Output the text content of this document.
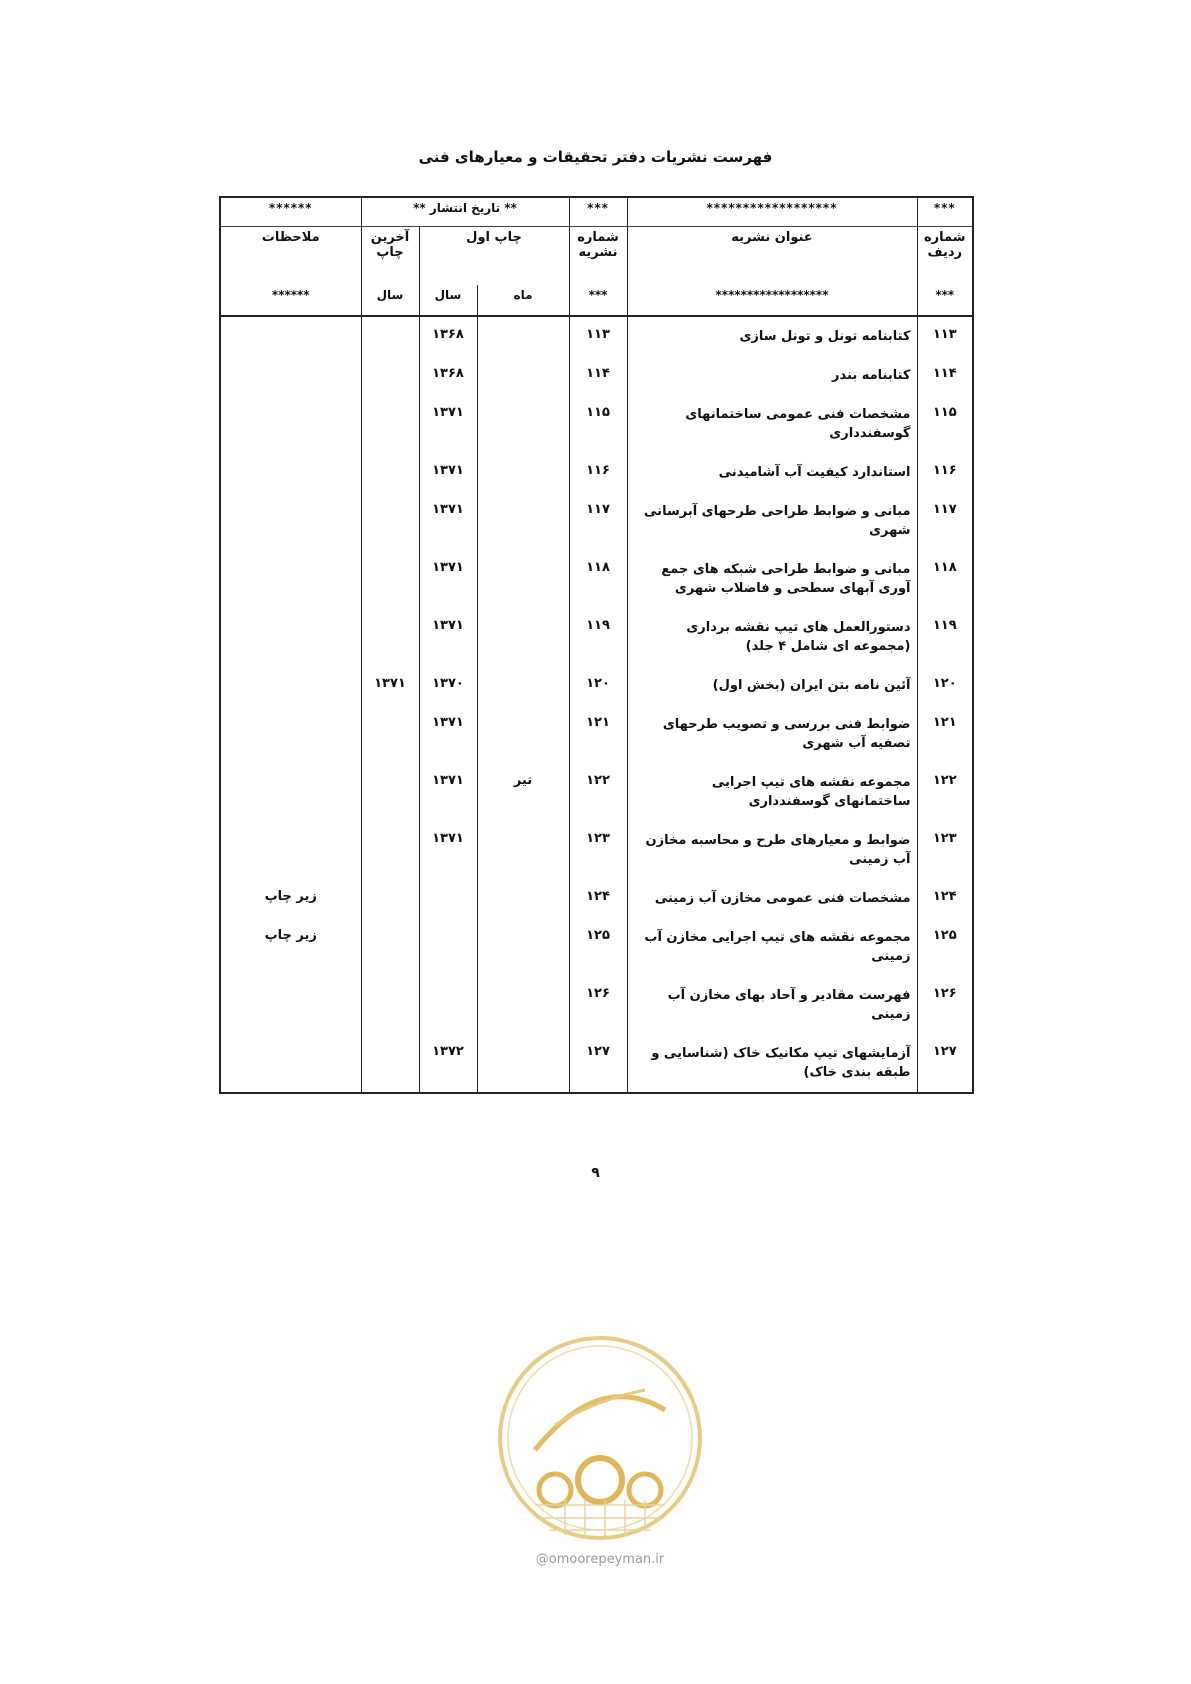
فهرست نشریات دفتر تحقیقات و معیارهای فنی
***	******************	***	** تاریخ انتشار **			******
شماره ردیف	عنوان نشریه	شماره نشریه	چاپ اول		آخرین چاپ	ملاحظات
***	******************	***	ماه	سال	سال	******
۱۱۳	کتابنامه تونل و تونل سازی	۱۱۳		۱۳۶۸		
۱۱۴	کتابنامه بندر	۱۱۴		۱۳۶۸		
۱۱۵	مشخصات فنی عمومی ساختمانهای گوسفندداری	۱۱۵		۱۳۷۱		
۱۱۶	استاندارد کیفیت آب آشامیدنی	۱۱۶		۱۳۷۱		
۱۱۷	مبانی و ضوابط طراحی طرحهای آبرسانی شهری	۱۱۷		۱۳۷۱		
۱۱۸	مبانی و ضوابط طراحی شبکه های جمع آوری آبهای سطحی و فاضلاب شهری	۱۱۸		۱۳۷۱		
۱۱۹	دستورالعمل های تیپ نقشه برداری (مجموعه ای شامل ۴ جلد)	۱۱۹		۱۳۷۱		
۱۲۰	آئین نامه بتن ایران (بخش اول)	۱۲۰		۱۳۷۰	۱۳۷۱	
۱۲۱	ضوابط فنی بررسی و تصویب طرحهای تصفیه آب شهری	۱۲۱		۱۳۷۱		
۱۲۲	مجموعه نقشه های تیپ اجرایی ساختمانهای گوسفندداری	۱۲۲	تیر	۱۳۷۱		
۱۲۳	ضوابط و معیارهای طرح و محاسبه مخازن آب زمینی	۱۲۳		۱۳۷۱		
۱۲۴	مشخصات فنی عمومی مخازن آب زمینی	۱۲۴				زیر چاپ
۱۲۵	مجموعه نقشه های تیپ اجرایی مخازن آب زمینی	۱۲۵				زیر چاپ
۱۲۶	فهرست مقادیر و آحاد بهای مخازن آب زمینی	۱۲۶				
۱۲۷	آزمایشهای تیپ مکانیک خاک (شناسایی و طبقه بندی خاک)	۱۲۷		۱۳۷۲		
۹
@omoorepeyman.ir
